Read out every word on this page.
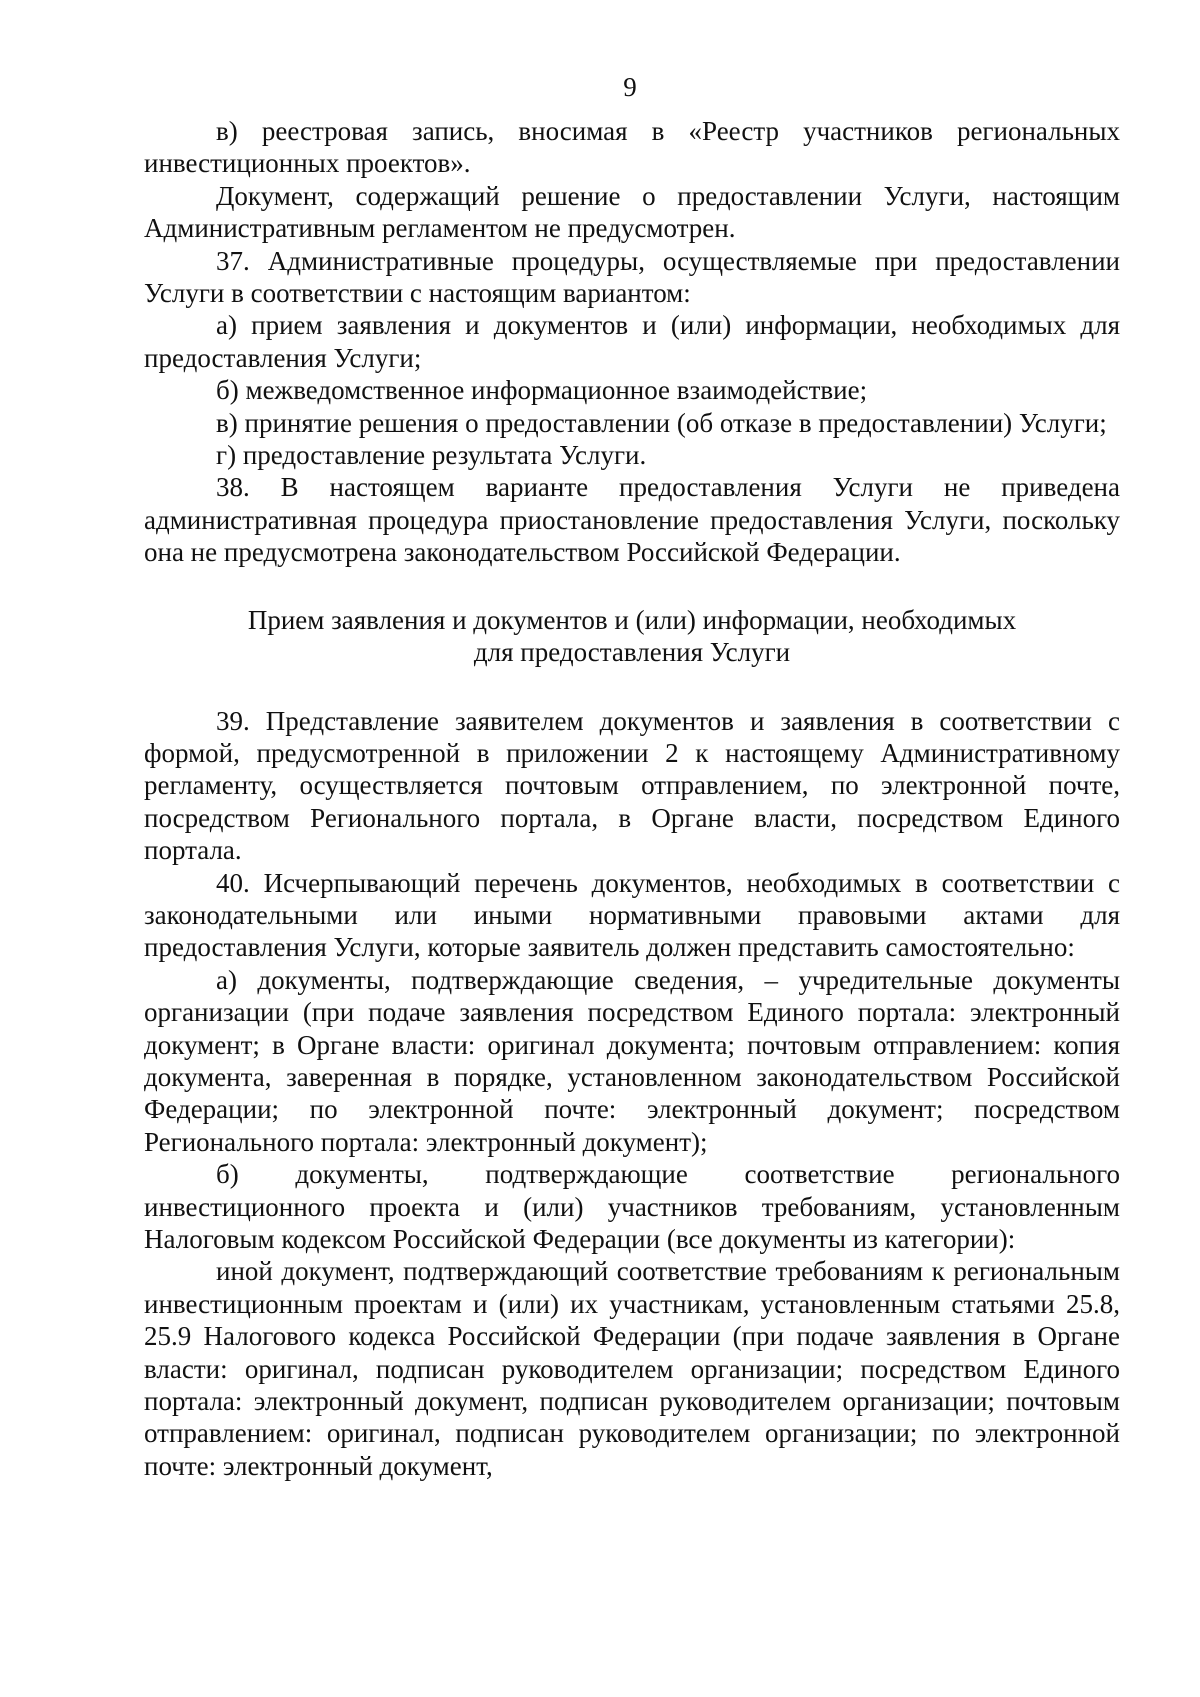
9

в) реестровая запись, вносимая в «Реестр участников региональных инвестиционных проектов».

Документ, содержащий решение о предоставлении Услуги, настоящим Административным регламентом не предусмотрен.

37. Административные процедуры, осуществляемые при предоставлении Услуги в соответствии с настоящим вариантом:

а) прием заявления и документов и (или) информации, необходимых для предоставления Услуги;

б) межведомственное информационное взаимодействие;

в) принятие решения о предоставлении (об отказе в предоставлении) Услуги;

г) предоставление результата Услуги.

38. В настоящем варианте предоставления Услуги не приведена административная процедура приостановление предоставления Услуги, поскольку она не предусмотрена законодательством Российской Федерации.

Прием заявления и документов и (или) информации, необходимых
для предоставления Услуги

39. Представление заявителем документов и заявления в соответствии с формой, предусмотренной в приложении 2 к настоящему Административному регламенту, осуществляется почтовым отправлением, по электронной почте, посредством Регионального портала, в Органе власти, посредством Единого портала.

40. Исчерпывающий перечень документов, необходимых в соответствии с законодательными или иными нормативными правовыми актами для предоставления Услуги, которые заявитель должен представить самостоятельно:

а) документы, подтверждающие сведения, – учредительные документы организации (при подаче заявления посредством Единого портала: электронный документ; в Органе власти: оригинал документа; почтовым отправлением: копия документа, заверенная в порядке, установленном законодательством Российской Федерации; по электронной почте: электронный документ; посредством Регионального портала: электронный документ);

б) документы, подтверждающие соответствие регионального инвестиционного проекта и (или) участников требованиям, установленным Налоговым кодексом Российской Федерации (все документы из категории):

иной документ, подтверждающий соответствие требованиям к региональным инвестиционным проектам и (или) их участникам, установленным статьями 25.8, 25.9 Налогового кодекса Российской Федерации (при подаче заявления в Органе власти: оригинал, подписан руководителем организации; посредством Единого портала: электронный документ, подписан руководителем организации; почтовым отправлением: оригинал, подписан руководителем организации; по электронной почте: электронный документ,
